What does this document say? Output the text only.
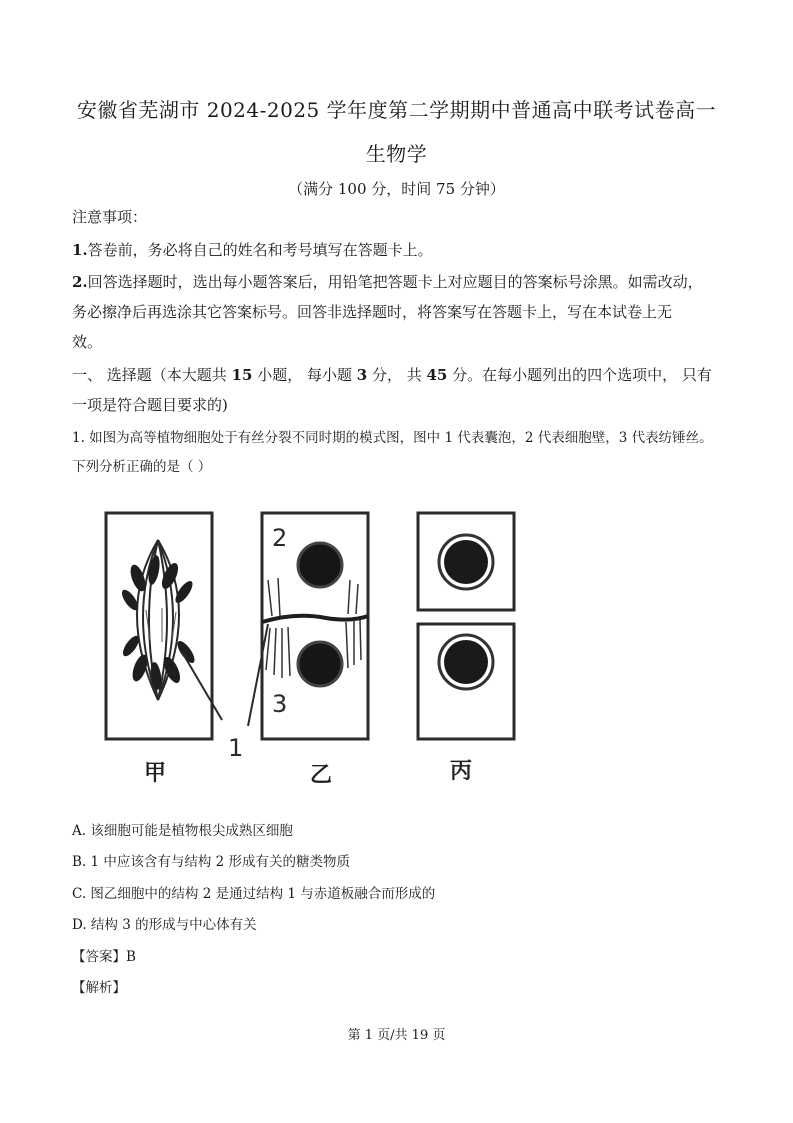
安徽省芜湖市 2024-2025 学年度第二学期期中普通高中联考试卷高一
生物学
（满分 100 分，时间 75 分钟）
注意事项：
1.答卷前，务必将自己的姓名和考号填写在答题卡上。
2.回答选择题时，选出每小题答案后，用铅笔把答题卡上对应题目的答案标号涂黑。如需改动，
务必擦净后再选涂其它答案标号。回答非选择题时，将答案写在答题卡上，写在本试卷上无
效。
一、 选择题（本大题共 15 小题， 每小题 3 分， 共 45 分。在每小题列出的四个选项中， 只有
一项是符合题目要求的)
1. 如图为高等植物细胞处于有丝分裂不同时期的模式图，图中 1 代表囊泡，2 代表细胞壁，3 代表纺锤丝。
下列分析正确的是（ ）
甲	乙	丙
1
2
3
A. 该细胞可能是植物根尖成熟区细胞
B. 1 中应该含有与结构 2 形成有关的糖类物质
C. 图乙细胞中的结构 2 是通过结构 1 与赤道板融合而形成的
D. 结构 3 的形成与中心体有关
【答案】B
【解析】
第 1 页/共 19 页
